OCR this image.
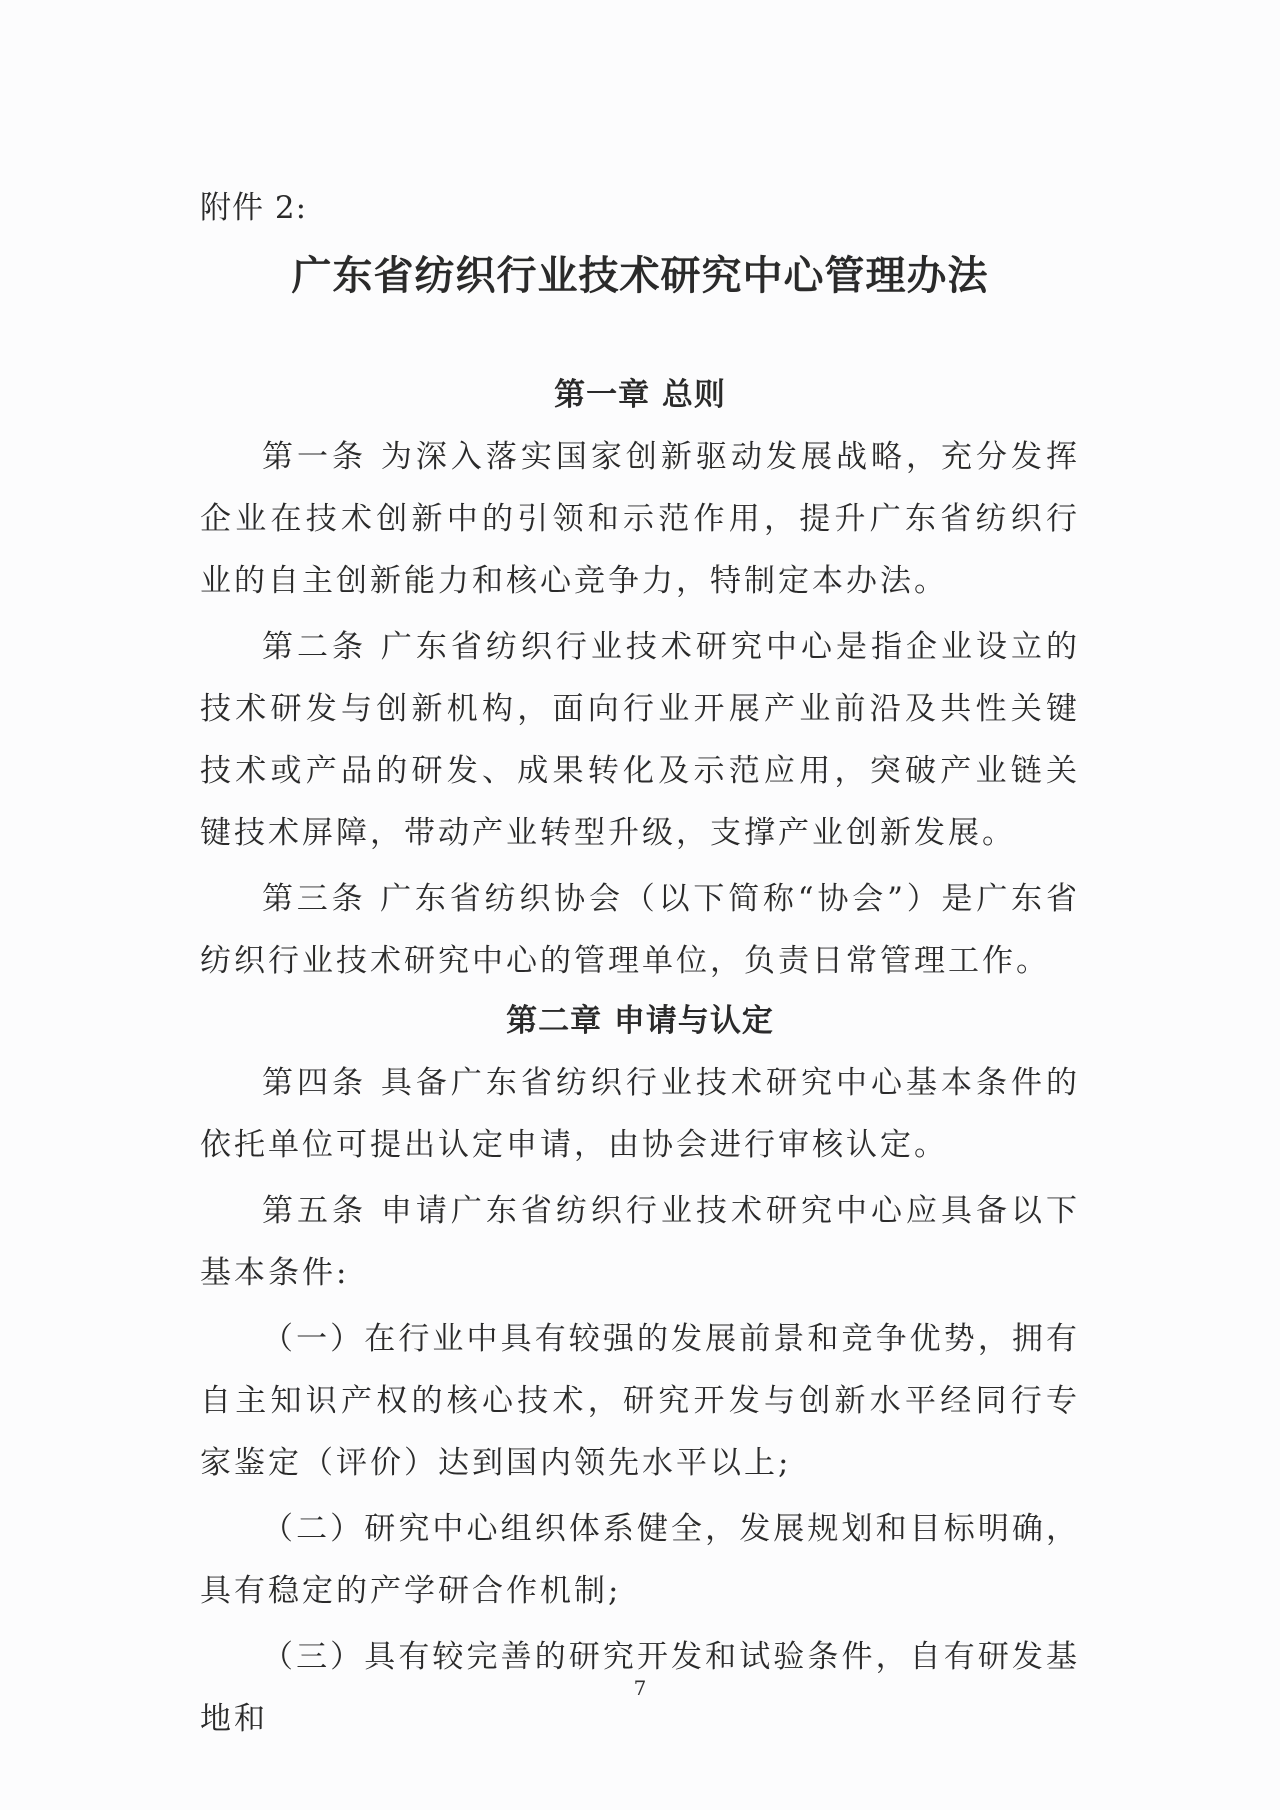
附件 2:

广东省纺织行业技术研究中心管理办法
第一章 总则

第一条 为深入落实国家创新驱动发展战略，充分发挥企业在技术创新中的引领和示范作用，提升广东省纺织行业的自主创新能力和核心竞争力，特制定本办法。

第二条 广东省纺织行业技术研究中心是指企业设立的技术研发与创新机构，面向行业开展产业前沿及共性关键技术或产品的研发、成果转化及示范应用，突破产业链关键技术屏障，带动产业转型升级，支撑产业创新发展。

第三条 广东省纺织协会（以下简称“协会”）是广东省纺织行业技术研究中心的管理单位，负责日常管理工作。

第二章 申请与认定

第四条 具备广东省纺织行业技术研究中心基本条件的依托单位可提出认定申请，由协会进行审核认定。

第五条 申请广东省纺织行业技术研究中心应具备以下基本条件:

（一）在行业中具有较强的发展前景和竞争优势，拥有自主知识产权的核心技术，研究开发与创新水平经同行专家鉴定（评价）达到国内领先水平以上;

（二）研究中心组织体系健全，发展规划和目标明确，具有稳定的产学研合作机制;

（三）具有较完善的研究开发和试验条件，自有研发基地和

7
